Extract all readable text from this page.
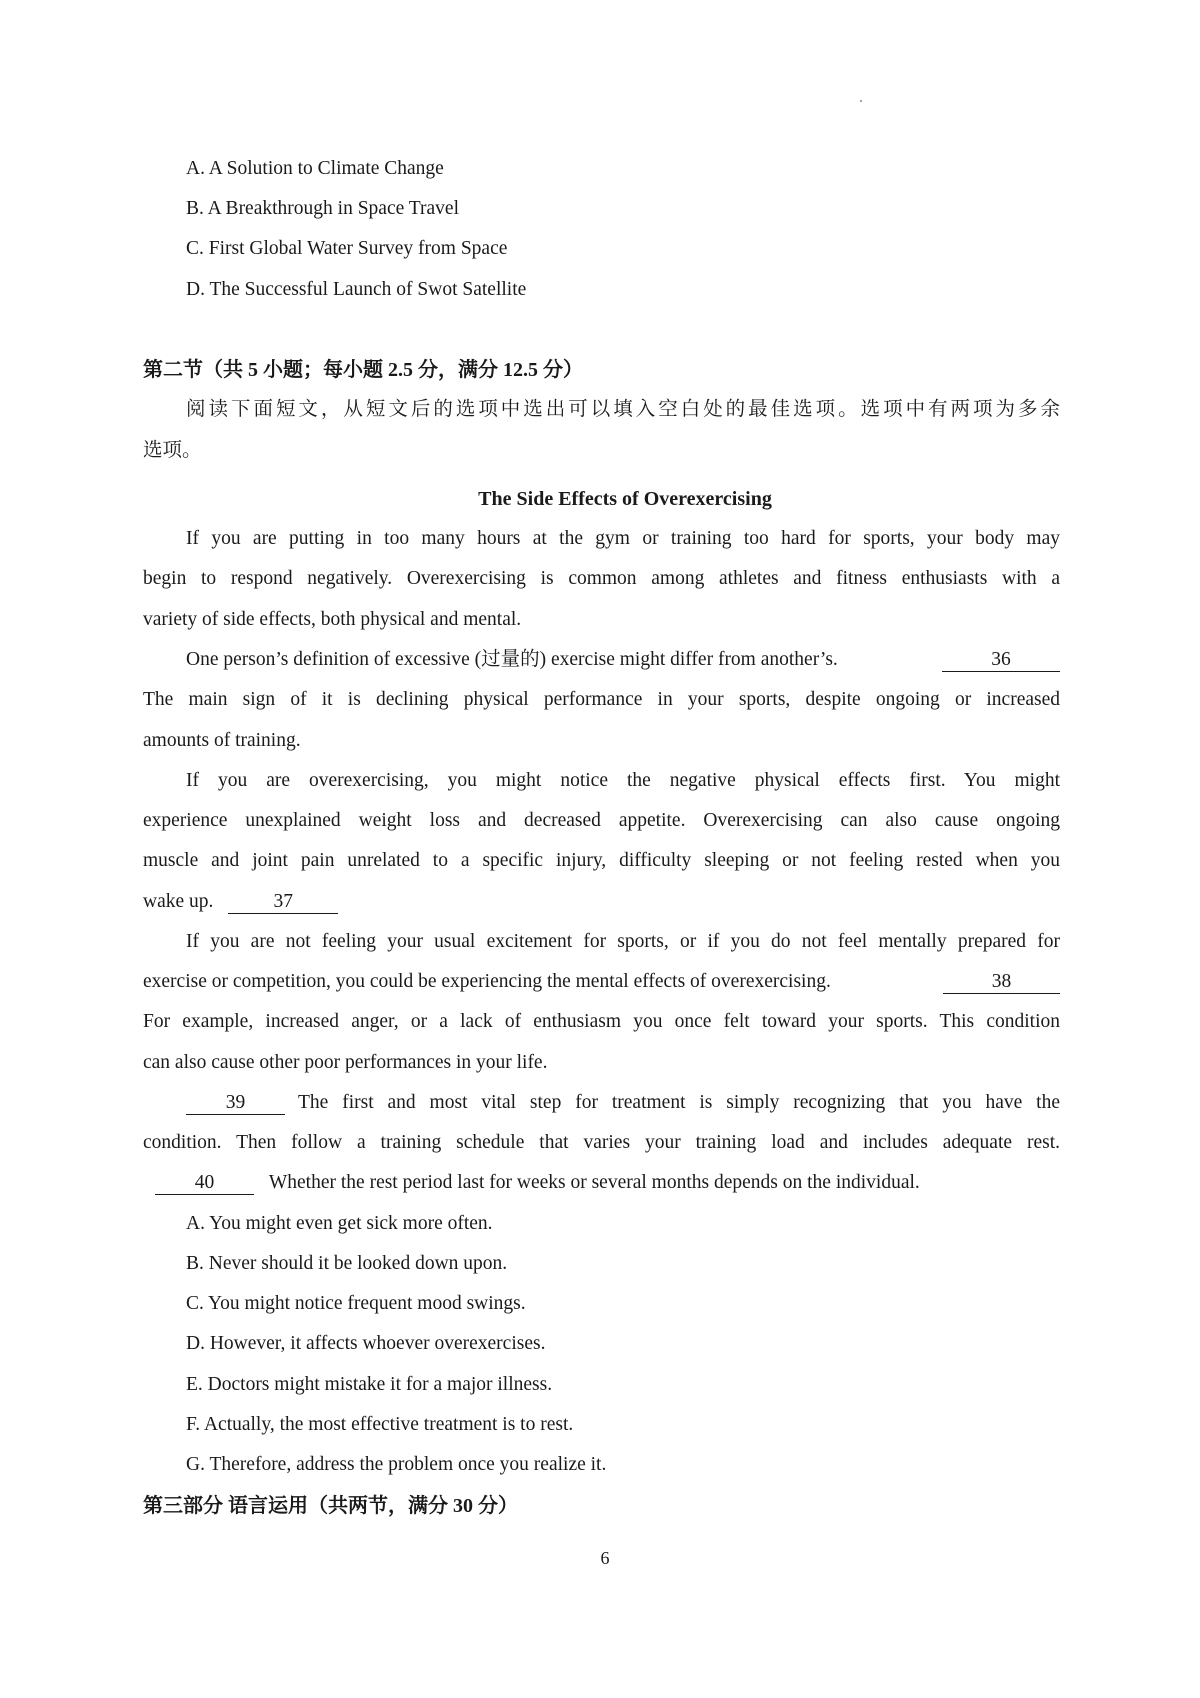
A. A Solution to Climate Change
B. A Breakthrough in Space Travel
C. First Global Water Survey from Space
D. The Successful Launch of Swot Satellite
第二节（共 5 小题；每小题 2.5 分，满分 12.5 分）
阅读下面短文，从短文后的选项中选出可以填入空白处的最佳选项。选项中有两项为多余
选项。
The Side Effects of Overexercising
If you are putting in too many hours at the gym or training too hard for sports, your body may
begin to respond negatively. Overexercising is common among athletes and fitness enthusiasts with a
variety of side effects, both physical and mental.
One person’s definition of excessive (过量的) exercise might differ from another’s.	36
The main sign of it is declining physical performance in your sports, despite ongoing or increased
amounts of training.
If you are overexercising, you might notice the negative physical effects first. You might
experience unexplained weight loss and decreased appetite. Overexercising can also cause ongoing
muscle and joint pain unrelated to a specific injury, difficulty sleeping or not feeling rested when you
wake up.	37
If you are not feeling your usual excitement for sports, or if you do not feel mentally prepared for
exercise or competition, you could be experiencing the mental effects of overexercising.	38
For example, increased anger, or a lack of enthusiasm you once felt toward your sports. This condition
can also cause other poor performances in your life.
39	The first and most vital step for treatment is simply recognizing that you have the
condition. Then follow a training schedule that varies your training load and includes adequate rest.
40	Whether the rest period last for weeks or several months depends on the individual.
A. You might even get sick more often.
B. Never should it be looked down upon.
C. You might notice frequent mood swings.
D. However, it affects whoever overexercises.
E. Doctors might mistake it for a major illness.
F. Actually, the most effective treatment is to rest.
G. Therefore, address the problem once you realize it.
第三部分 语言运用（共两节，满分 30 分）
6
